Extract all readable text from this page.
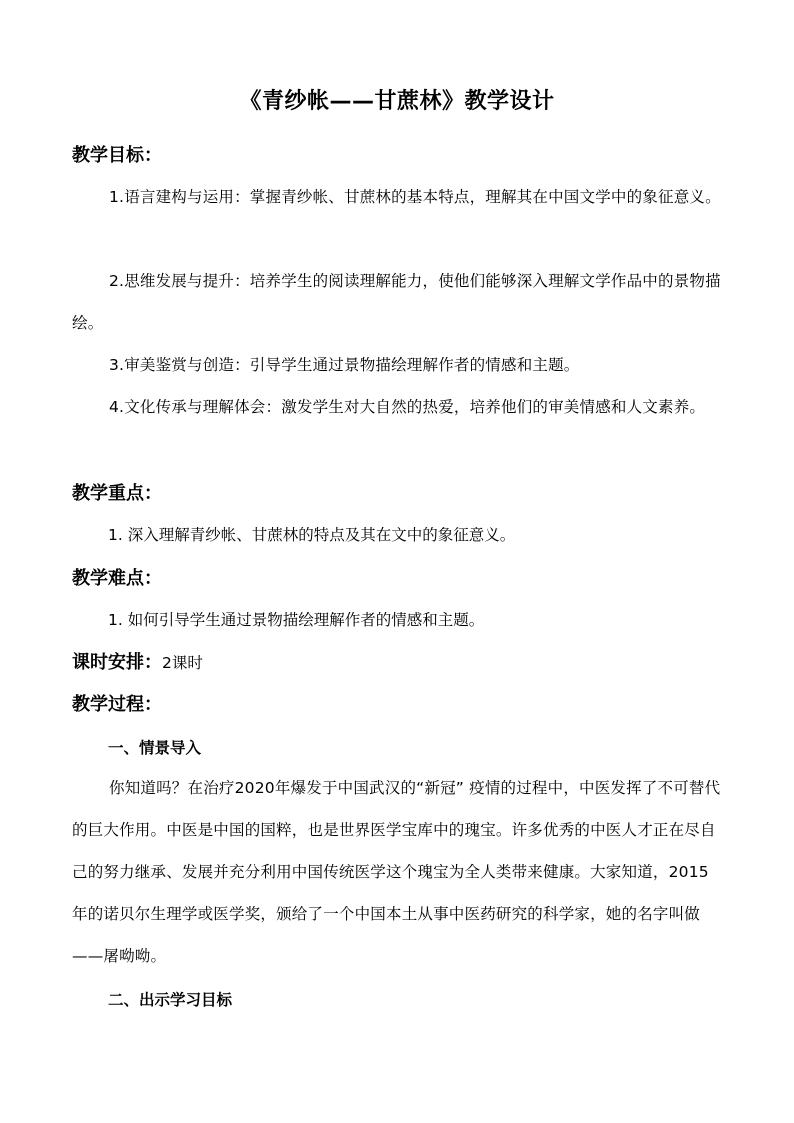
《青纱帐——甘蔗林》教学设计
教学目标：
1.语言建构与运用：掌握青纱帐、甘蔗林的基本特点，理解其在中国文学中的象征意义。
2.思维发展与提升：培养学生的阅读理解能力，使他们能够深入理解文学作品中的景物描绘。
3.审美鉴赏与创造：引导学生通过景物描绘理解作者的情感和主题。
4.文化传承与理解体会：激发学生对大自然的热爱，培养他们的审美情感和人文素养。
教学重点：
1. 深入理解青纱帐、甘蔗林的特点及其在文中的象征意义。
教学难点：
1. 如何引导学生通过景物描绘理解作者的情感和主题。
课时安排：2课时
教学过程：
一、情景导入
你知道吗？在治疗2020年爆发于中国武汉的“新冠” 疫情的过程中，中医发挥了不可替代的巨大作用。中医是中国的国粹，也是世界医学宝库中的瑰宝。许多优秀的中医人才正在尽自己的努力继承、发展并充分利用中国传统医学这个瑰宝为全人类带来健康。大家知道，2015年的诺贝尔生理学或医学奖，颁给了一个中国本土从事中医药研究的科学家，她的名字叫做——屠呦呦。
二、出示学习目标
